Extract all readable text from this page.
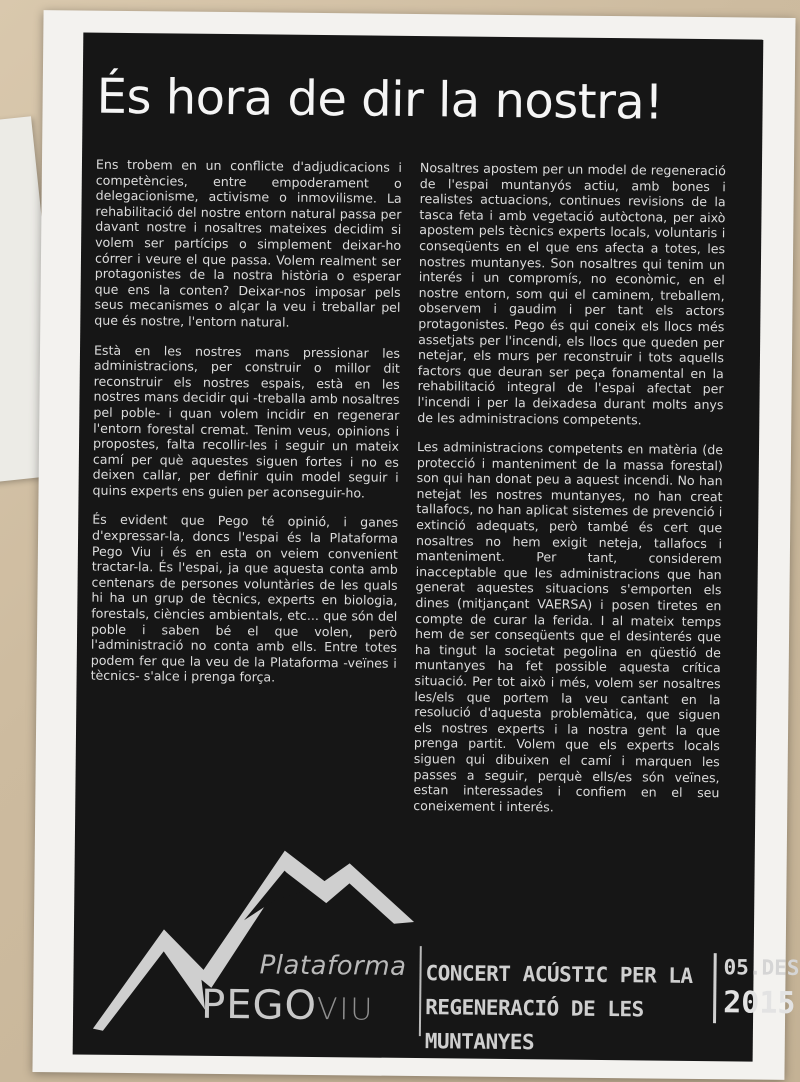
És hora de dir la nostra!

Ens trobem en un conflicte d'adjudicacions i competències, entre empoderament o delegacionisme, activisme o inmovilisme. La rehabilitació del nostre entorn natural passa per davant nostre i nosaltres mateixes decidim si volem ser partícips o simplement deixar-ho córrer i veure el que passa. Volem realment ser protagonistes de la nostra història o esperar que ens la conten? Deixar-nos imposar pels seus mecanismes o alçar la veu i treballar pel que és nostre, l'entorn natural.

Està en les nostres mans pressionar les administracions, per construir o millor dit reconstruir els nostres espais, està en les nostres mans decidir qui -treballa amb nosaltres pel poble- i quan volem incidir en regenerar l'entorn forestal cremat. Tenim veus, opinions i propostes, falta recollir-les i seguir un mateix camí per què aquestes siguen fortes i no es deixen callar, per definir quin model seguir i quins experts ens guien per aconseguir-ho.

És evident que Pego té opinió, i ganes d'expressar-la, doncs l'espai és la Plataforma Pego Viu i és en esta on veiem convenient tractar-la. És l'espai, ja que aquesta conta amb centenars de persones voluntàries de les quals hi ha un grup de tècnics, experts en biologia, forestals, ciències ambientals, etc... que són del poble i saben bé el que volen, però l'administració no conta amb ells. Entre totes podem fer que la veu de la Plataforma -veïnes i tècnics- s'alce i prenga força.

Nosaltres apostem per un model de regeneració de l'espai muntanyós actiu, amb bones i realistes actuacions, continues revisions de la tasca feta i amb vegetació autòctona, per això apostem pels tècnics experts locals, voluntaris i conseqüents en el que ens afecta a totes, les nostres muntanyes. Son nosaltres qui tenim un interés i un compromís, no econòmic, en el nostre entorn, som qui el caminem, treballem, observem i gaudim i per tant els actors protagonistes. Pego és qui coneix els llocs més assetjats per l'incendi, els llocs que queden per netejar, els murs per reconstruir i tots aquells factors que deuran ser peça fonamental en la rehabilitació integral de l'espai afectat per l'incendi i per la deixadesa durant molts anys de les administracions competents.

Les administracions competents en matèria (de protecció i manteniment de la massa forestal) son qui han donat peu a aquest incendi. No han netejat les nostres muntanyes, no han creat tallafocs, no han aplicat sistemes de prevenció i extinció adequats, però també és cert que nosaltres no hem exigit neteja, tallafocs i manteniment. Per tant, considerem inacceptable que les administracions que han generat aquestes situacions s'emporten els dines (mitjançant VAERSA) i posen tiretes en compte de curar la ferida. I al mateix temps hem de ser conseqüents que el desinterés que ha tingut la societat pegolina en qüestió de muntanyes ha fet possible aquesta crítica situació. Per tot això i més, volem ser nosaltres les/els que portem la veu cantant en la resolució d'aquesta problemàtica, que siguen els nostres experts i la nostra gent la que prenga partit. Volem que els experts locals siguen qui dibuixen el camí i marquen les passes a seguir, perquè ells/es són veïnes, estan interessades i confiem en el seu coneixement i interés.

Plataforma
PEGOVIU
CONCERT ACÚSTIC PER LA
REGENERACIÓ DE LES MUNTANYES
05.DES
2015
